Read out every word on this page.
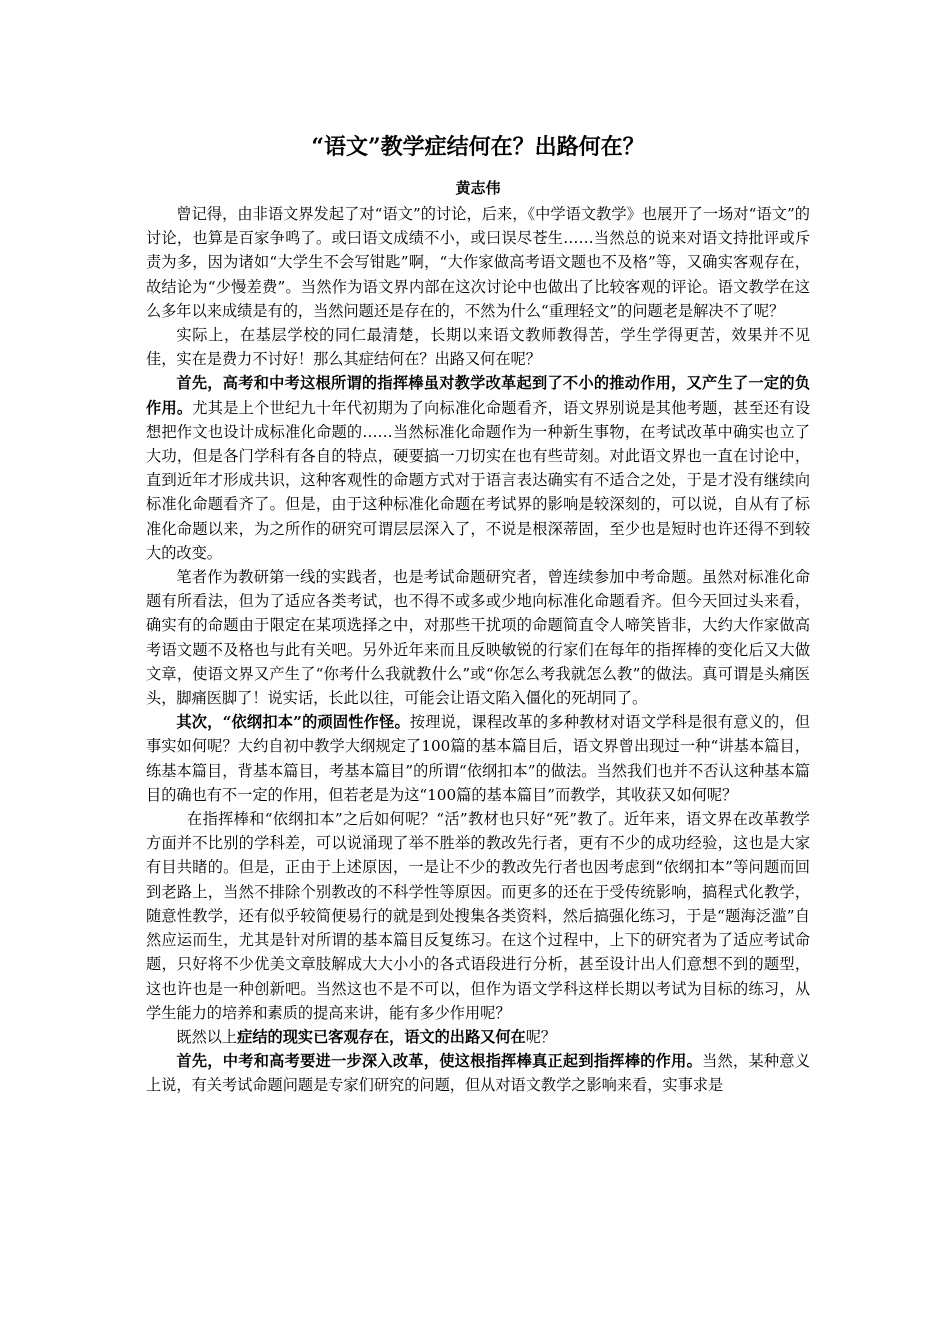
“语文”教学症结何在？出路何在？
黄志伟

曾记得，由非语文界发起了对“语文”的讨论，后来，《中学语文教学》也展开了一场对“语文”的讨论，也算是百家争鸣了。或曰语文成绩不小，或曰误尽苍生……当然总的说来对语文持批评或斥责为多，因为诸如“大学生不会写钳匙”啊，“大作家做高考语文题也不及格”等，又确实客观存在，故结论为“少慢差费”。当然作为语文界内部在这次讨论中也做出了比较客观的评论。语文教学在这么多年以来成绩是有的，当然问题还是存在的，不然为什么“重理轻文”的问题老是解决不了呢？

实际上，在基层学校的同仁最清楚，长期以来语文教师教得苦，学生学得更苦，效果并不见佳，实在是费力不讨好！那么其症结何在？出路又何在呢？

首先，高考和中考这根所谓的指挥棒虽对教学改革起到了不小的推动作用，又产生了一定的负作用。尤其是上个世纪九十年代初期为了向标准化命题看齐，语文界别说是其他考题，甚至还有设想把作文也设计成标准化命题的……当然标准化命题作为一种新生事物，在考试改革中确实也立了大功，但是各门学科有各自的特点，硬要搞一刀切实在也有些苛刻。对此语文界也一直在讨论中，直到近年才形成共识，这种客观性的命题方式对于语言表达确实有不适合之处，于是才没有继续向标准化命题看齐了。但是，由于这种标准化命题在考试界的影响是较深刻的，可以说，自从有了标准化命题以来，为之所作的研究可谓层层深入了，不说是根深蒂固，至少也是短时也许还得不到较大的改变。

笔者作为教研第一线的实践者，也是考试命题研究者，曾连续参加中考命题。虽然对标准化命题有所看法，但为了适应各类考试，也不得不或多或少地向标准化命题看齐。但今天回过头来看，确实有的命题由于限定在某项选择之中，对那些干扰项的命题简直令人啼笑皆非，大约大作家做高考语文题不及格也与此有关吧。另外近年来而且反映敏锐的行家们在每年的指挥棒的变化后又大做文章，使语文界又产生了“你考什么我就教什么”或“你怎么考我就怎么教”的做法。真可谓是头痛医头，脚痛医脚了！说实话，长此以往，可能会让语文陷入僵化的死胡同了。

其次，“依纲扣本”的顽固性作怪。按理说，课程改革的多种教材对语文学科是很有意义的，但事实如何呢？大约自初中教学大纲规定了100篇的基本篇目后，语文界曾出现过一种“讲基本篇目，练基本篇目，背基本篇目，考基本篇目”的所谓“依纲扣本”的做法。当然我们也并不否认这种基本篇目的确也有不一定的作用，但若老是为这“100篇的基本篇目”而教学，其收获又如何呢？

在指挥棒和“依纲扣本”之后如何呢？“活”教材也只好“死”教了。近年来，语文界在改革教学方面并不比别的学科差，可以说涌现了举不胜举的教改先行者，更有不少的成功经验，这也是大家有目共睹的。但是，正由于上述原因，一是让不少的教改先行者也因考虑到“依纲扣本”等问题而回到老路上，当然不排除个别教改的不科学性等原因。而更多的还在于受传统影响，搞程式化教学，随意性教学，还有似乎较简便易行的就是到处搜集各类资料，然后搞强化练习，于是“题海泛滥”自然应运而生，尤其是针对所谓的基本篇目反复练习。在这个过程中，上下的研究者为了适应考试命题，只好将不少优美文章肢解成大大小小的各式语段进行分析，甚至设计出人们意想不到的题型，这也许也是一种创新吧。当然这也不是不可以，但作为语文学科这样长期以考试为目标的练习，从学生能力的培养和素质的提高来讲，能有多少作用呢？

既然以上症结的现实已客观存在，语文的出路又何在呢？

首先，中考和高考要进一步深入改革，使这根指挥棒真正起到指挥棒的作用。当然，某种意义上说，有关考试命题问题是专家们研究的问题，但从对语文教学之影响来看，实事求是
